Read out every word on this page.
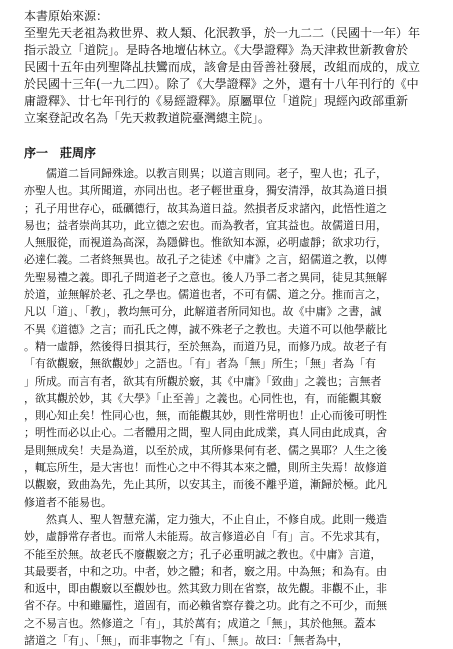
本書原始來源：
至聖先天老祖為救世界、救人類、化泯教爭，於一九二二（民國十一年）年
指示設立「道院」。是時各地壇佔林立。《大學證釋》為天津救世新教會於
民國十五年由列聖降乩扶鸞而成，該會是由晉善社發展，改組而成的，成立
於民國十三年(一九二四）。除了《大學證釋》之外，還有十八年刊行的《中
庸證釋》、廿七年刊行的《易經證釋》。原屬單位「道院」現經內政部重新
立案登記改名為「先天救教道院臺灣總主院」。
序一　莊周序
　　儒道二旨同歸殊途。以教言則異；以道言則同。老子，聖人也；孔子，
亦聖人也。其所聞道，亦同出也。老子輕世重身，獨安清淨，故其為道日損
；孔子用世存心，砥礪德行，故其為道日益。然損者反求諸內，此悟性道之
易也；益者崇尚其功，此立德之宏也。而為教者，宜其益也。故儒道日用，
人無服從，而視道為高深，為隱僻也。惟欲知本源，必明虛靜；欲求功行，
必達仁義。二者終無異也。故孔子之徒述《中庸》之言，紹儒道之教，以傳
先聖易禮之義。即孔子問道老子之意也。後人乃爭二者之異同，徒見其無解
於道，並無解於老、孔之學也。儒道也者，不可有儒、道之分。推而言之，
凡以「道」、「教」，教均無可分，此解道者所同知也。故《中庸》之書，誠
不異《道德》之言；而孔氏之傳，誠不殊老子之教也。夫道不可以他學蔽比
。精一虛靜，然後得日損其行，至於無為，而道乃見，而修乃成。故老子有
「有欲觀竅，無欲觀妙」之語也。「有」者為「無」所生；「無」者為「有
」所成。而言有者，欲其有所觀於竅，其《中庸》「致曲」之義也；言無者
，欲其觀於妙，其《大學》「止至善」之義也。心同性也，有，而能觀其竅
，則心知止矣！性同心也，無，而能觀其妙，則性常明也！止心而後可明性
；明性而必以止心。二者體用之間，聖人同由此成業，真人同由此成真，舍
是則無成矣！夫是為道，以至於成，其所修果何有老、儒之異耶？人生之後
，輒忘所生，是大害也！而性心之中不得其本來之體，則所主失焉！故修道
以觀竅，致曲為先，先止其所，以安其主，而後不離乎道，漸歸於極。此凡
修道者不能易也。
　　然真人、聖人智慧充滿，定力強大，不止自止，不修自成。此則一幾造
妙，虛靜常存者也。而常人未能焉。故言修道必自「有」言。不先求其有，
不能至於無。故老氏不廢觀竅之方；孔子必重明誠之教也。《中庸》言道，
其最要者，中和之功。中者，妙之體；和者，竅之用。中為無；和為有。由
和返中，即由觀竅以至觀妙也。然其致力則在省察，故先觀。非觀不止，非
省不存。中和雖屬性，道固有，而必賴省察存養之功。此有之不可少，而無
之不易言也。然修道之「有」，其於萬有；成道之「無」，其於他無。蓋本
諸道之「有」、「無」，而非事物之「有」、「無」。故曰：「無者為中，
